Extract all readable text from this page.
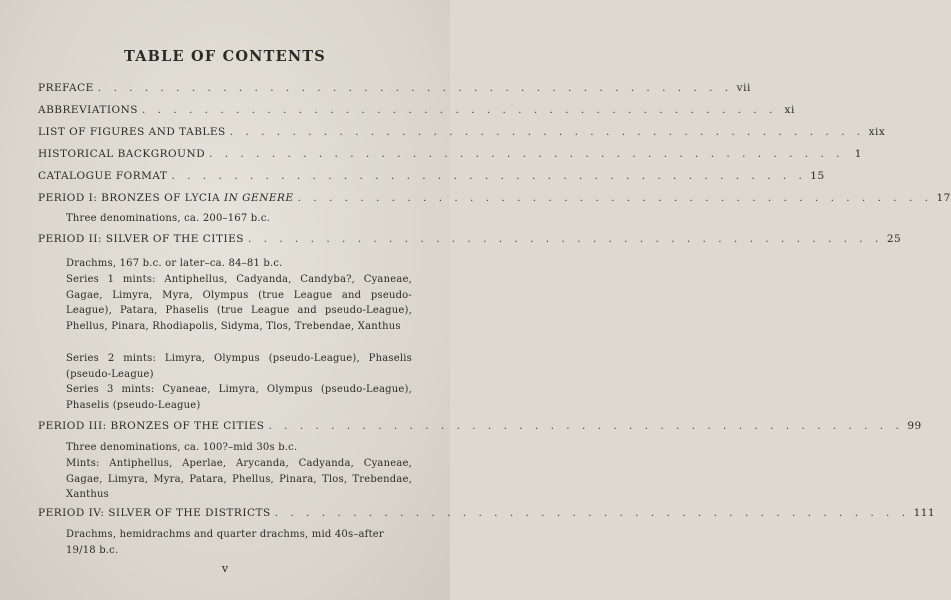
TABLE OF CONTENTS
PREFACE . . . . . . . . . . . . . . . . . . . . . . . . . . . . . . . . . . . . . . . . . vii
ABBREVIATIONS . . . . . . . . . . . . . . . . . . . . . . . . . . . . . . . . . . . . . . . . . xi
LIST OF FIGURES AND TABLES . . . . . . . . . . . . . . . . . . . . . . . . . . . . . . . . . . . . . . . . . xix
HISTORICAL BACKGROUND . . . . . . . . . . . . . . . . . . . . . . . . . . . . . . . . . . . . . . . . .	1
CATALOGUE FORMAT . . . . . . . . . . . . . . . . . . . . . . . . . . . . . . . . . . . . . . . . . 15
PERIOD I: BRONZES OF LYCIA IN GENERE . . . . . . . . . . . . . . . . . . . . . . . . . . . . . . . . . . . . . . . . . 17
Three denominations, ca. 200–167 b.c.
PERIOD II: SILVER OF THE CITIES . . . . . . . . . . . . . . . . . . . . . . . . . . . . . . . . . . . . . . . . . 25
Drachms, 167 b.c. or later–ca. 84–81 b.c.
Series 1 mints: Antiphellus, Cadyanda, Candyba?, Cyaneae, Gagae, Limyra, Myra, Olympus (true League and pseudo-League), Patara, Phaselis (true League and pseudo-League), Phellus, Pinara, Rhodiapolis, Sidyma, Tlos, Trebendae, Xanthus
Series 2 mints: Limyra, Olympus (pseudo-League), Phaselis (pseudo-League)
Series 3 mints: Cyaneae, Limyra, Olympus (pseudo-League), Phaselis (pseudo-League)
PERIOD III: BRONZES OF THE CITIES . . . . . . . . . . . . . . . . . . . . . . . . . . . . . . . . . . . . . . . . . 99
Three denominations, ca. 100?–mid 30s b.c.
Mints: Antiphellus, Aperlae, Arycanda, Cadyanda, Cyaneae, Gagae, Limyra, Myra, Patara, Phellus, Pinara, Tlos, Trebendae, Xanthus
PERIOD IV: SILVER OF THE DISTRICTS . . . . . . . . . . . . . . . . . . . . . . . . . . . . . . . . . . . . . . . . . 111
Drachms, hemidrachms and quarter drachms, mid 40s–after 19/18 b.c.
v
